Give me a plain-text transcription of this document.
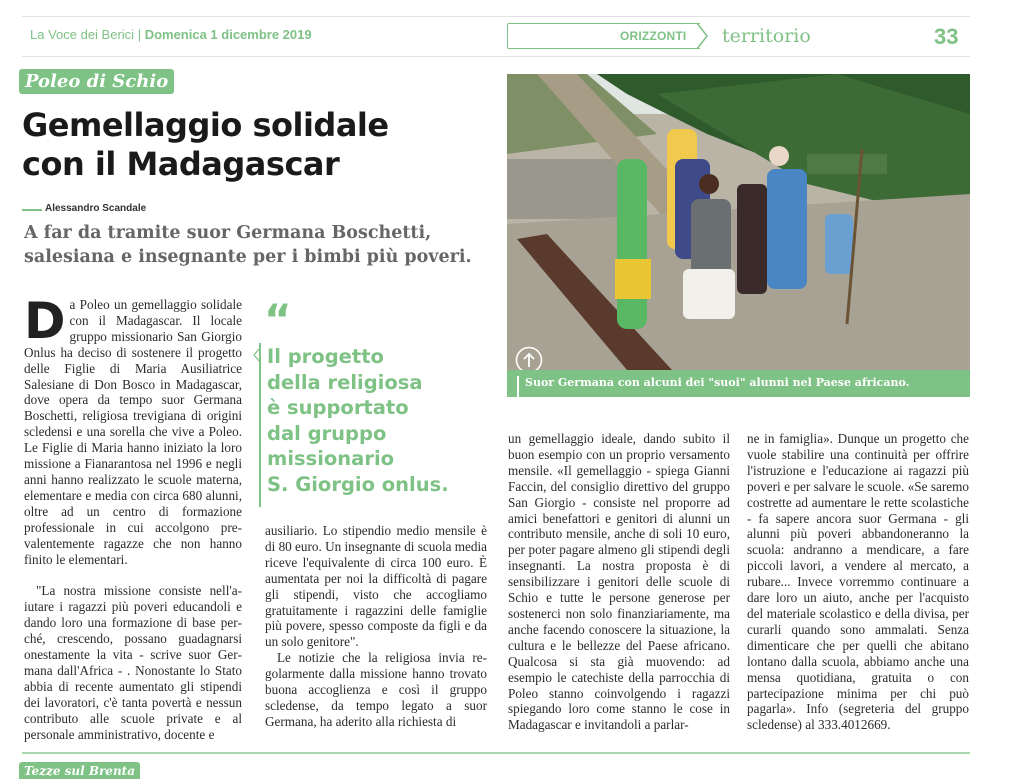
La Voce dei Berici | Domenica 1 dicembre 2019	ORIZZONTI territorio	33
Poleo di Schio
Gemellaggio solidale
con il Madagascar
Alessandro Scandale
A far da tramite suor Germana Boschetti,
salesiana e insegnante per i bimbi più poveri.

Da Poleo un gemellaggio solidale con il Madagascar. Il locale gruppo missionario San Giorgio Onlus ha deciso di sostenere il progetto delle Figlie di Maria Ausiliatrice Salesiane di Don Bosco in Madagascar, dove opera da tempo suor Germana Boschetti, religiosa trevigiana di origini scledensi e una sorella che vive a Poleo. Le Figlie di Maria hanno iniziato la loro missione a Fianarantosa nel 1996 e negli anni hanno realizzato le scuole materna, elementare e media con circa 680 alunni, oltre ad un centro di formazione professionale in cui accolgono prevalentemente ragazze che non hanno finito le elementari.

"La nostra missione consiste nell'aiutare i ragazzi più poveri educandoli e dando loro una formazione di base perché, crescendo, possano guadagnarsi onestamente la vita - scrive suor Germana dall'Africa - . Nonostante lo Stato abbia di recente aumentato gli stipendi dei lavoratori, c'è tanta povertà e nessun contributo alle scuole private e al personale amministrativo, docente e

“
Il progetto
della religiosa
è supportato
dal gruppo
missionario
S. Giorgio onlus.

ausiliario. Lo stipendio medio mensile è di 80 euro. Un insegnante di scuola media riceve l'equivalente di circa 100 euro. È aumentata per noi la difficoltà di pagare gli stipendi, visto che accogliamo gratuitamente i ragazzini delle famiglie più povere, spesso composte da figli e da un solo genitore".

Le notizie che la religiosa invia regolarmente dalla missione hanno trovato buona accoglienza e così il gruppo scledense, da tempo legato a suor Germana, ha aderito alla richiesta di

Suor Germana con alcuni dei "suoi" alunni nel Paese africano.

un gemellaggio ideale, dando subito il buon esempio con un proprio versamento mensile. «Il gemellaggio - spiega Gianni Faccin, del consiglio direttivo del gruppo San Giorgio - consiste nel proporre ad amici benefattori e genitori di alunni un contributo mensile, anche di soli 10 euro, per poter pagare almeno gli stipendi degli insegnanti. La nostra proposta è di sensibilizzare i genitori delle scuole di Schio e tutte le persone generose per sostenerci non solo finanziariamente, ma anche facendo conoscere la situazione, la cultura e le bellezze del Paese africano. Qualcosa si sta già muovendo: ad esempio le catechiste della parrocchia di Poleo stanno coinvolgendo i ragazzi spiegando loro come stanno le cose in Madagascar e invitandoli a parlar-

ne in famiglia». Dunque un progetto che vuole stabilire una continuità per offrire l'istruzione e l'educazione ai ragazzi più poveri e per salvare le scuole. «Se saremo costrette ad aumentare le rette scolastiche - fa sapere ancora suor Germana - gli alunni più poveri abbandoneranno la scuola: andranno a mendicare, a fare piccoli lavori, a vendere al mercato, a rubare... Invece vorremmo continuare a dare loro un aiuto, anche per l'acquisto del materiale scolastico e della divisa, per curarli quando sono ammalati. Senza dimenticare che per quelli che abitano lontano dalla scuola, abbiamo anche una mensa quotidiana, gratuita o con partecipazione minima per chi può pagarla». Info (segreteria del gruppo scledense) al 333.4012669.

Tezze sul Brenta
